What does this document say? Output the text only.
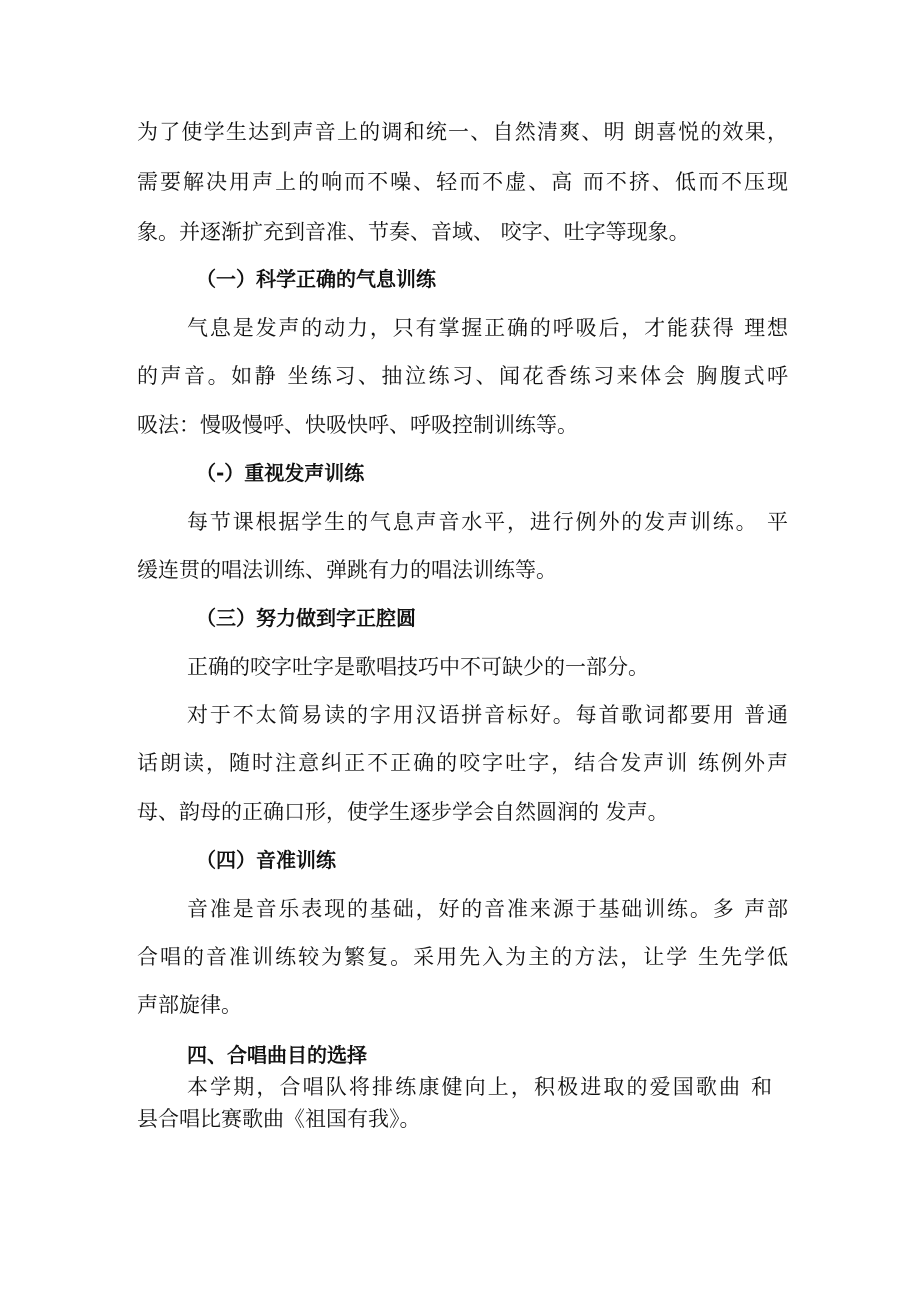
为了使学生达到声音上的调和统一、自然清爽、明 朗喜悦的效果，
需要解决用声上的响而不噪、轻而不虚、高 而不挤、低而不压现
象。并逐渐扩充到音准、节奏、音域、 咬字、吐字等现象。
（一）科学正确的气息训练
气息是发声的动力，只有掌握正确的呼吸后，才能获得 理想
的声音。如静 坐练习、抽泣练习、闻花香练习来体会 胸腹式呼
吸法：慢吸慢呼、快吸快呼、呼吸控制训练等。
（-）重视发声训练
每节课根据学生的气息声音水平，进行例外的发声训练。 平
缓连贯的唱法训练、弹跳有力的唱法训练等。
（三）努力做到字正腔圆
正确的咬字吐字是歌唱技巧中不可缺少的一部分。
对于不太简易读的字用汉语拼音标好。每首歌词都要用 普通
话朗读，随时注意纠正不正确的咬字吐字，结合发声训 练例外声
母、韵母的正确口形，使学生逐步学会自然圆润的 发声。
（四）音准训练
音准是音乐表现的基础，好的音准来源于基础训练。多 声部
合唱的音准训练较为繁复。采用先入为主的方法，让学 生先学低
声部旋律。
四、合唱曲目的选择
本学期，合唱队将排练康健向上，积极进取的爱国歌曲 和
县合唱比赛歌曲《祖国有我》。
